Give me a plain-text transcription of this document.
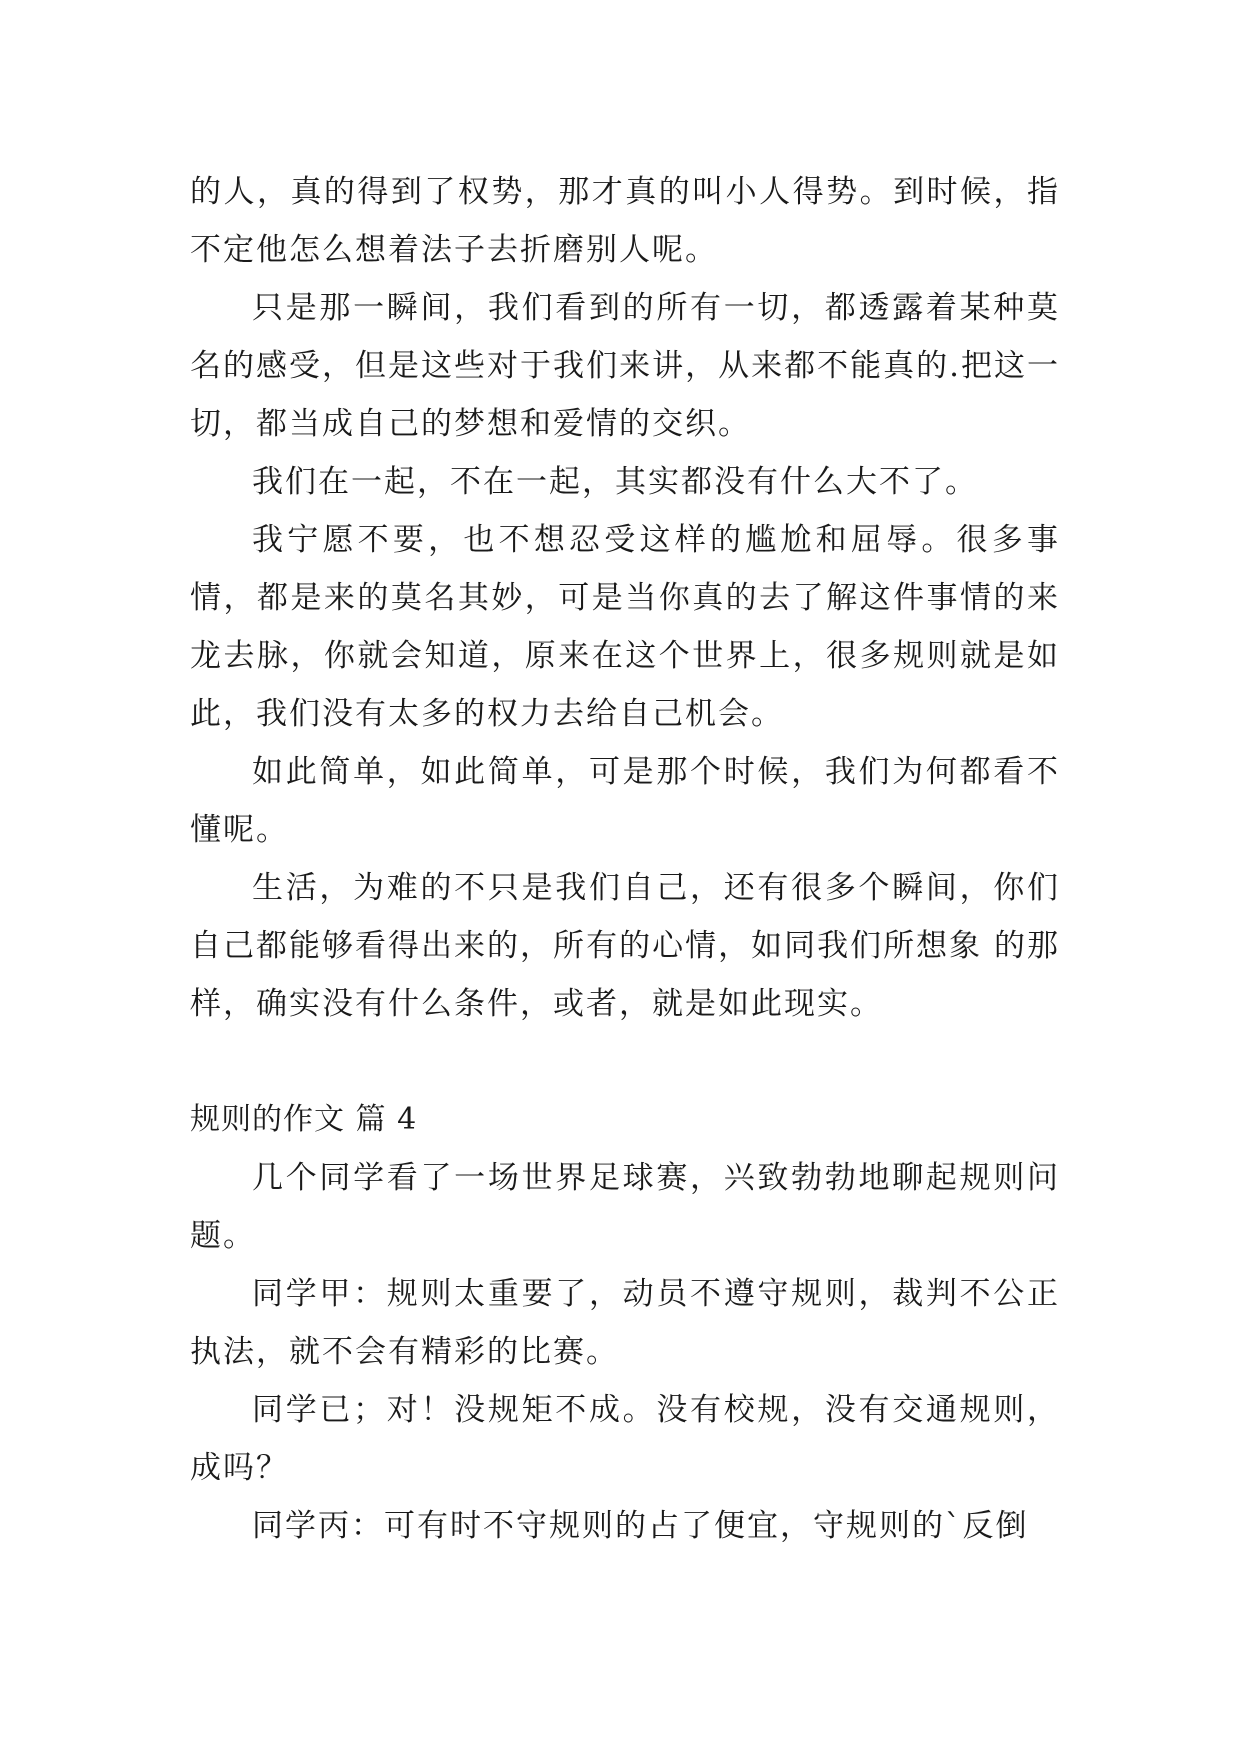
的人，真的得到了权势，那才真的叫小人得势。到时候，指不定他怎么想着法子去折磨别人呢。

只是那一瞬间，我们看到的所有一切，都透露着某种莫名的感受，但是这些对于我们来讲，从来都不能真的.把这一切，都当成自己的梦想和爱情的交织。

我们在一起，不在一起，其实都没有什么大不了。

我宁愿不要，也不想忍受这样的尴尬和屈辱。很多事情，都是来的莫名其妙，可是当你真的去了解这件事情的来龙去脉，你就会知道，原来在这个世界上，很多规则就是如此，我们没有太多的权力去给自己机会。

如此简单，如此简单，可是那个时候，我们为何都看不懂呢。

生活，为难的不只是我们自己，还有很多个瞬间，你们自己都能够看得出来的，所有的心情，如同我们所想象 的那样，确实没有什么条件，或者，就是如此现实。

规则的作文 篇 4

几个同学看了一场世界足球赛，兴致勃勃地聊起规则问题。

同学甲：规则太重要了，动员不遵守规则，裁判不公正执法，就不会有精彩的比赛。

同学已；对！没规矩不成。没有校规，没有交通规则，成吗？

同学丙：可有时不守规则的占了便宜，守规则的`反倒
